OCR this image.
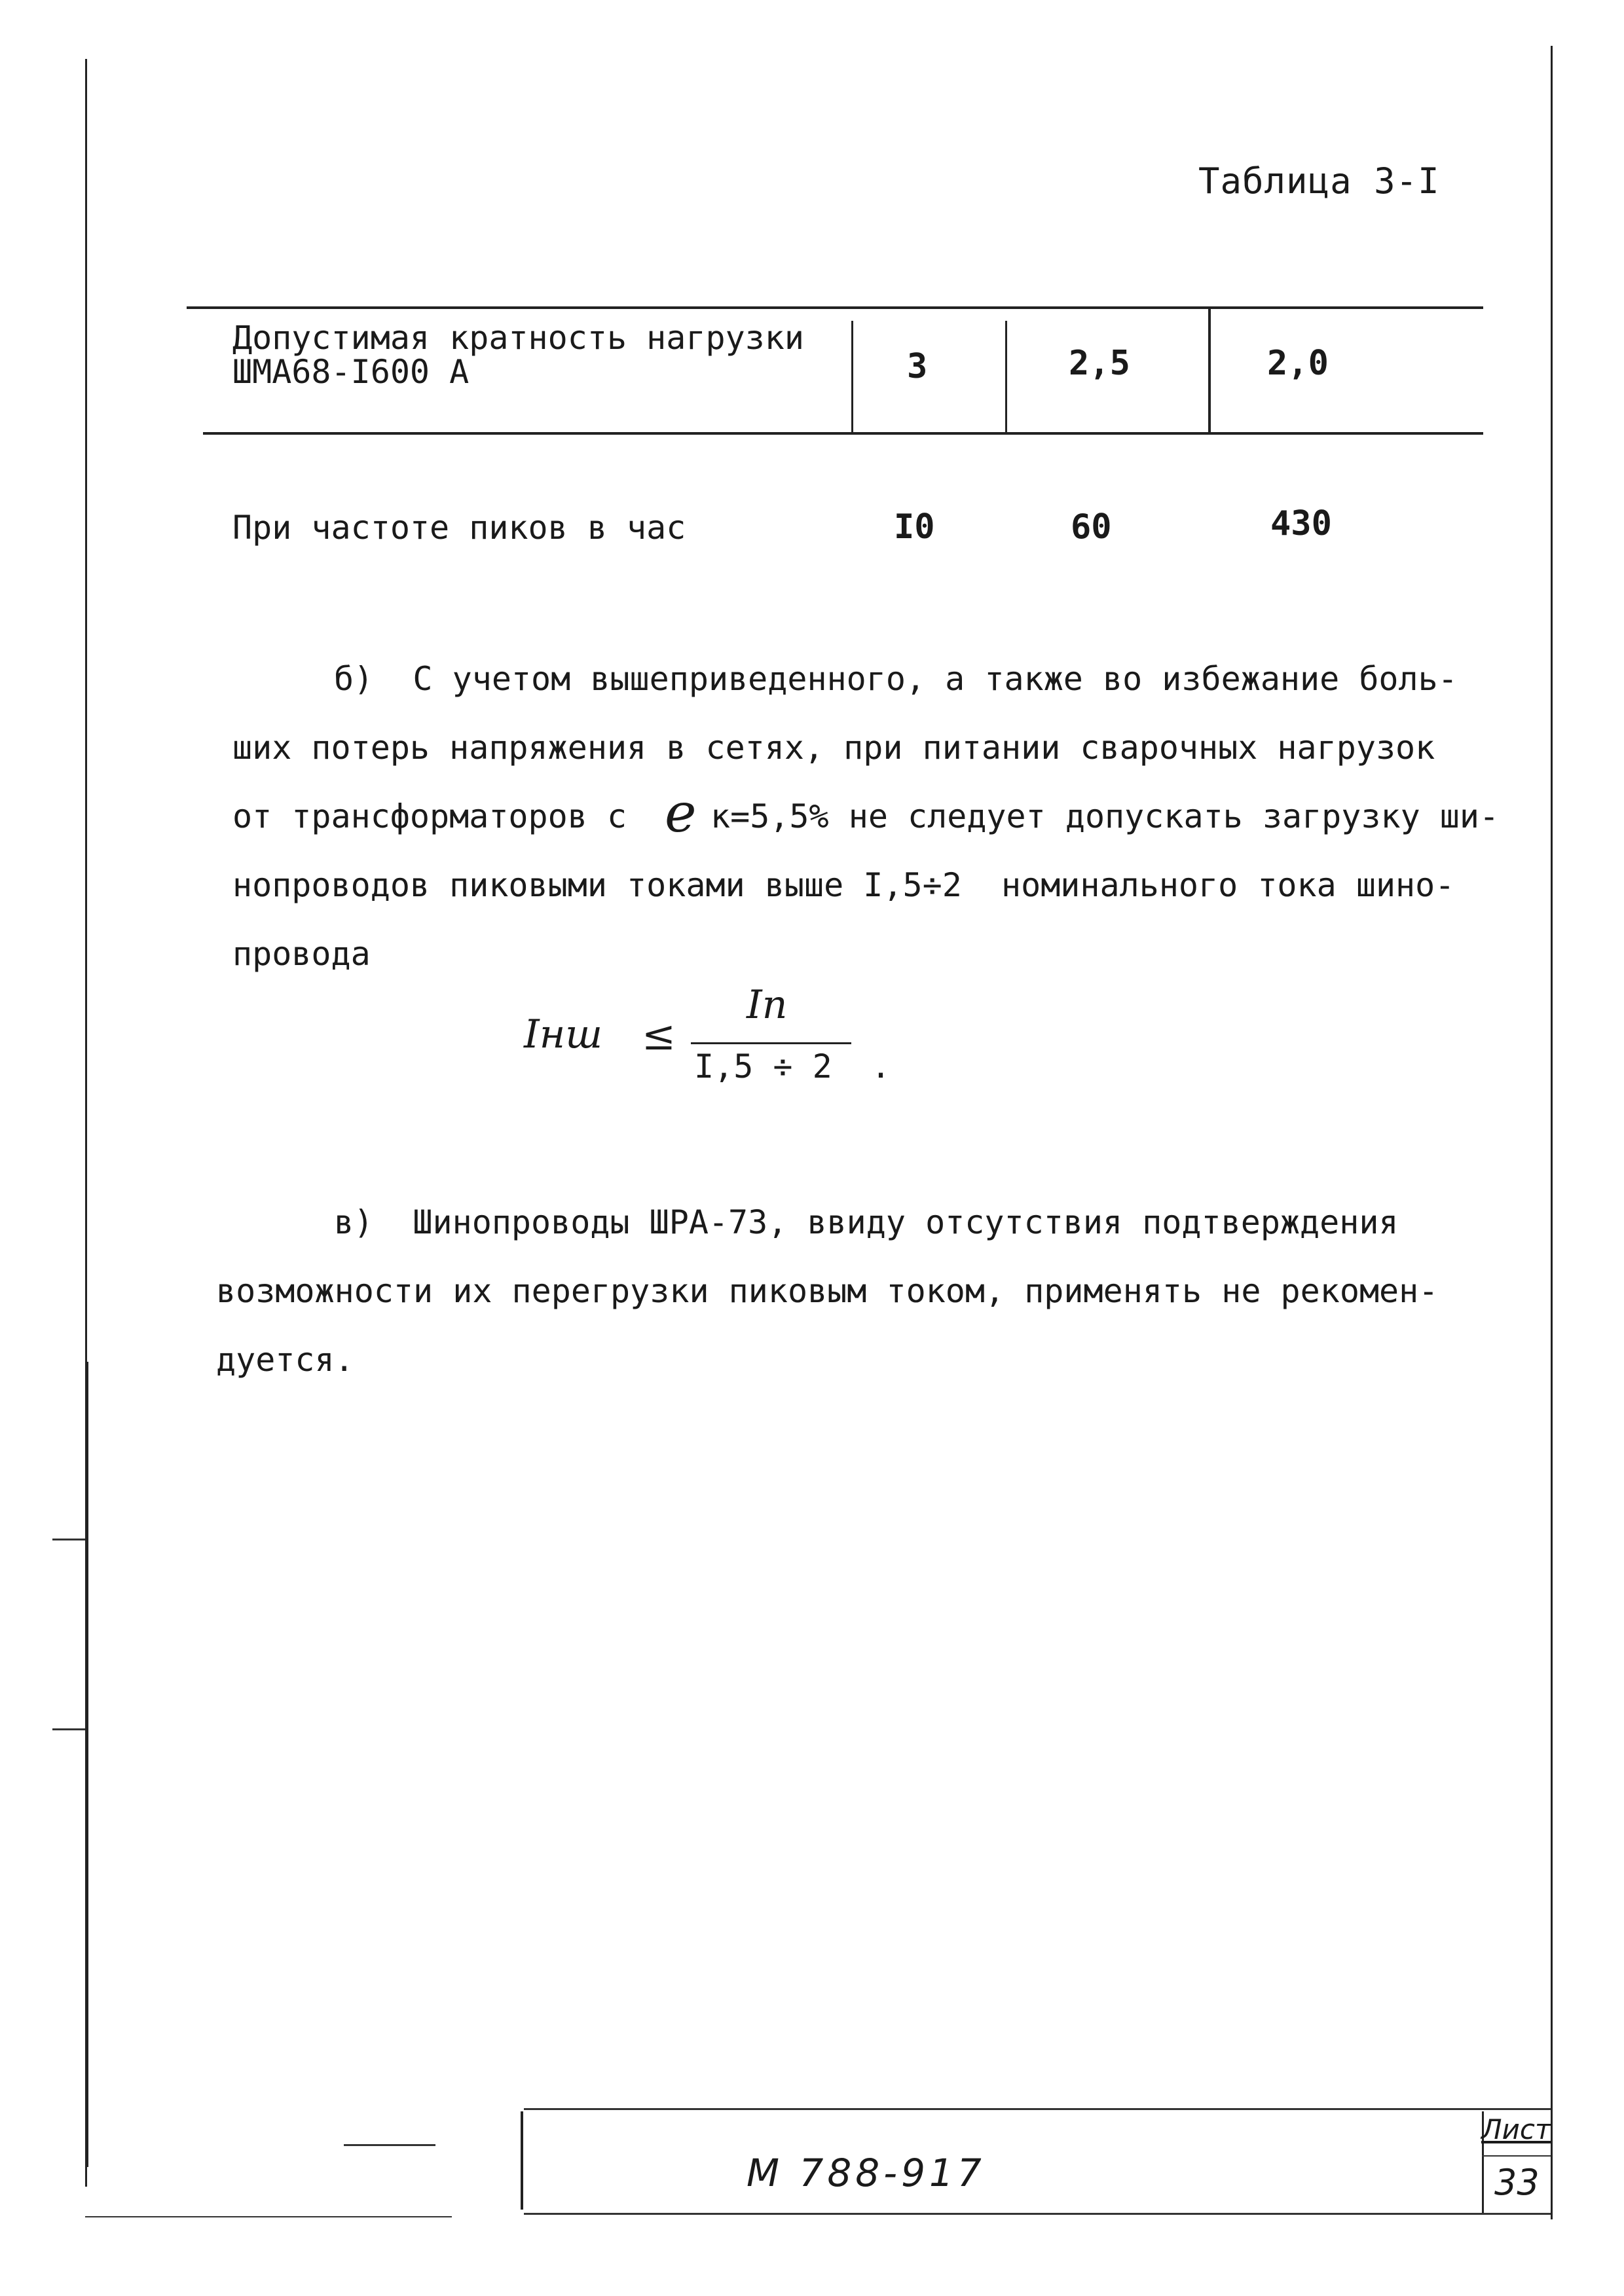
Таблица 3-I
Допустимая кратность нагрузки
ШМА68-I600 А	3	2,5	2,0
При частоте пиков в час	I0	60	430
б)  С учетом вышеприведенного, а также во избежание боль-
ших потерь напряжения в сетях, при питании сварочных нагрузок
от трансформаторов с e к=5,5% не следует допускать загрузку ши-
нопроводов пиковыми токами выше I,5÷2  номинального тока шино-
провода
Iнш ≤
Iп
I,5 ÷ 2 .
в)  Шинопроводы ШРА-73, ввиду отсутствия подтверждения
возможности их перегрузки пиковым током, применять не рекомен-
дуется.
М 788-917
Лист
33
